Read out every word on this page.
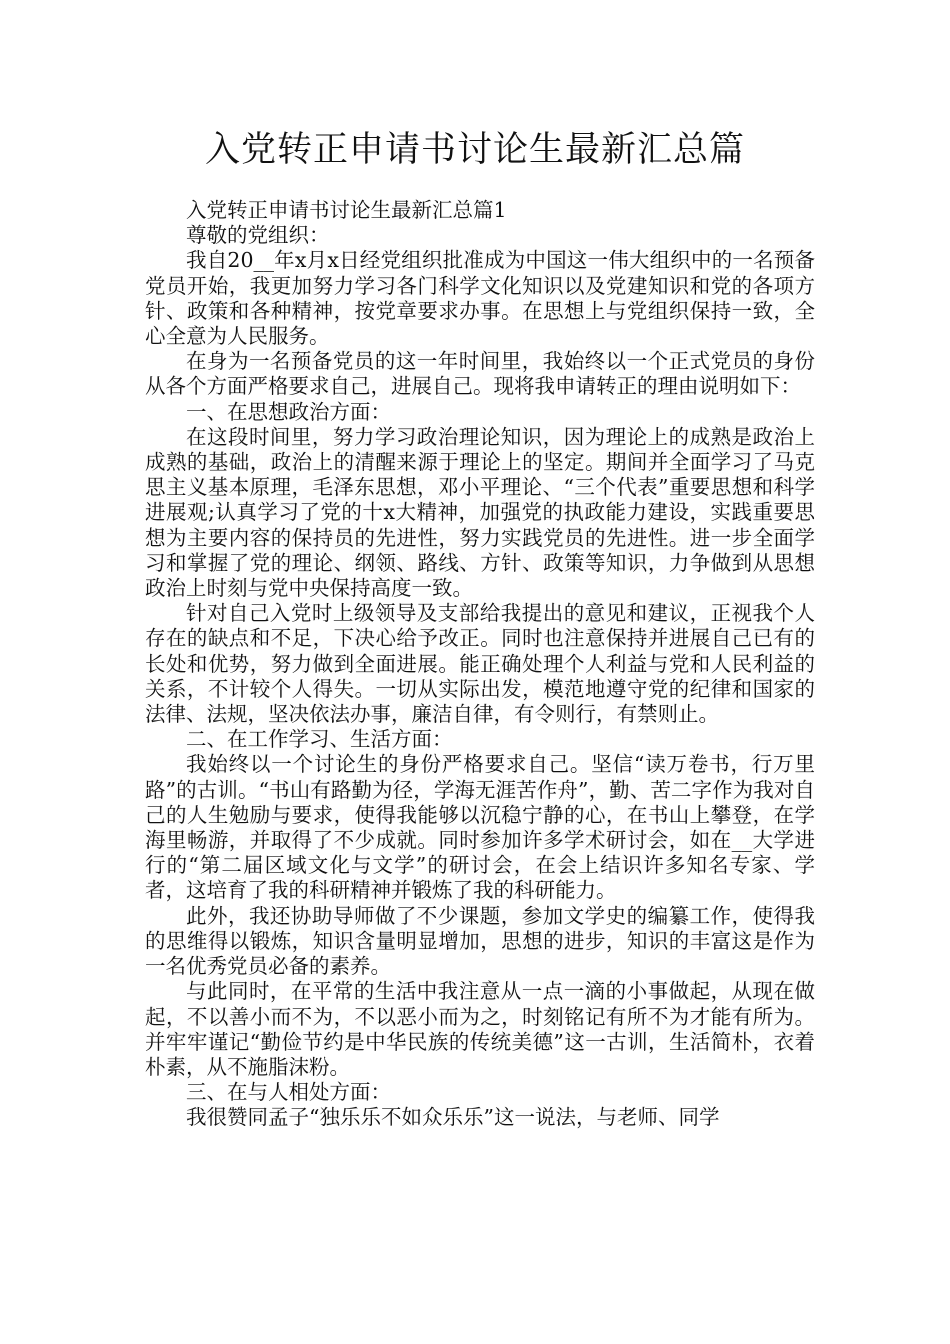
入党转正申请书讨论生最新汇总篇

入党转正申请书讨论生最新汇总篇1

尊敬的党组织：

我自20__年x月x日经党组织批准成为中国这一伟大组织中的一名预备党员开始，我更加努力学习各门科学文化知识以及党建知识和党的各项方针、政策和各种精神，按党章要求办事。在思想上与党组织保持一致，全心全意为人民服务。

在身为一名预备党员的这一年时间里，我始终以一个正式党员的身份从各个方面严格要求自己，进展自己。现将我申请转正的理由说明如下：

一、在思想政治方面：

在这段时间里，努力学习政治理论知识，因为理论上的成熟是政治上成熟的基础，政治上的清醒来源于理论上的坚定。期间并全面学习了马克思主义基本原理，毛泽东思想，邓小平理论、“三个代表”重要思想和科学进展观;认真学习了党的十x大精神，加强党的执政能力建设，实践重要思想为主要内容的保持员的先进性，努力实践党员的先进性。进一步全面学习和掌握了党的理论、纲领、路线、方针、政策等知识，力争做到从思想政治上时刻与党中央保持高度一致。

针对自己入党时上级领导及支部给我提出的意见和建议，正视我个人存在的缺点和不足，下决心给予改正。同时也注意保持并进展自己已有的长处和优势，努力做到全面进展。能正确处理个人利益与党和人民利益的关系，不计较个人得失。一切从实际出发，模范地遵守党的纪律和国家的法律、法规，坚决依法办事，廉洁自律，有令则行，有禁则止。

二、在工作学习、生活方面：

我始终以一个讨论生的身份严格要求自己。坚信“读万卷书，行万里路”的古训。“书山有路勤为径，学海无涯苦作舟”，勤、苦二字作为我对自己的人生勉励与要求，使得我能够以沉稳宁静的心，在书山上攀登，在学海里畅游，并取得了不少成就。同时参加许多学术研讨会，如在__大学进行的“第二届区域文化与文学”的研讨会，在会上结识许多知名专家、学者，这培育了我的科研精神并锻炼了我的科研能力。

此外，我还协助导师做了不少课题，参加文学史的编纂工作，使得我的思维得以锻炼，知识含量明显增加，思想的进步，知识的丰富这是作为一名优秀党员必备的素养。

与此同时，在平常的生活中我注意从一点一滴的小事做起，从现在做起，不以善小而不为，不以恶小而为之，时刻铭记有所不为才能有所为。并牢牢谨记“勤俭节约是中华民族的传统美德”这一古训，生活简朴，衣着朴素，从不施脂沫粉。

三、在与人相处方面：

我很赞同孟子“独乐乐不如众乐乐”这一说法，与老师、同学
